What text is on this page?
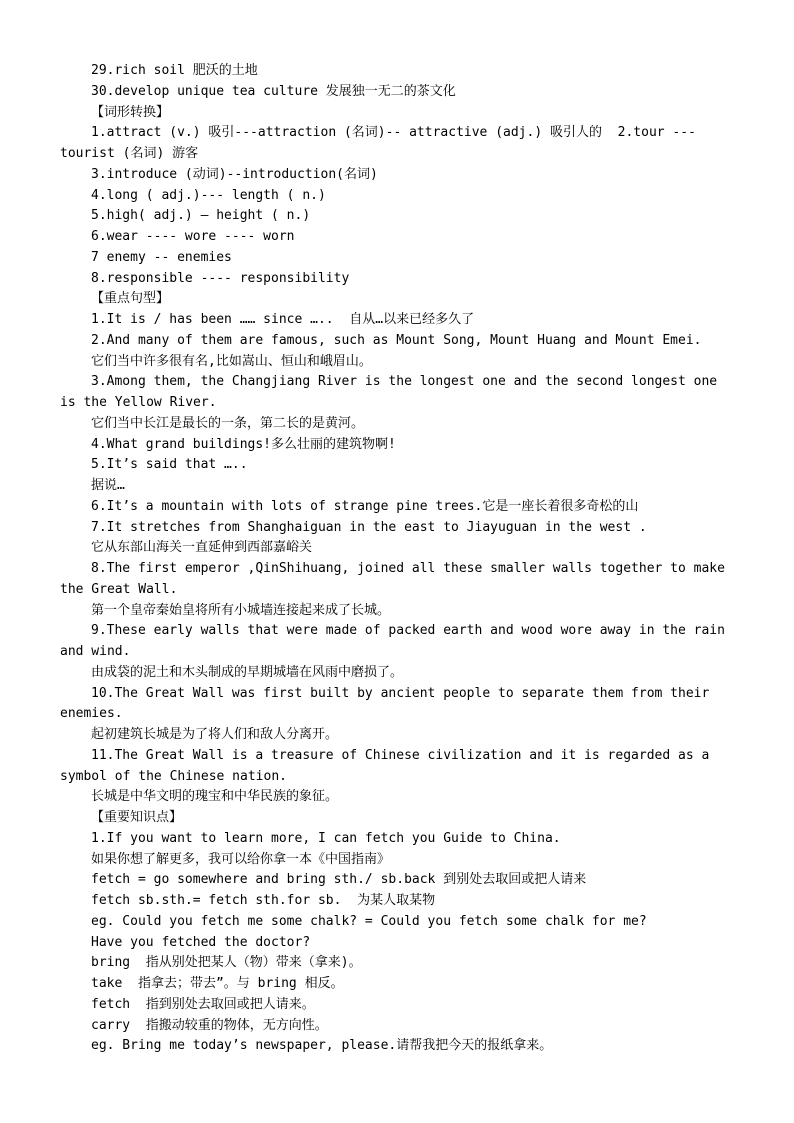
29.rich soil 肥沃的土地

30.develop unique tea culture 发展独一无二的茶文化

【词形转换】

1.attract (v.) 吸引---attraction (名词)-- attractive (adj.) 吸引人的  2.tour ---tourist (名词) 游客

3.introduce (动词)--introduction(名词)

4.long ( adj.)--- length ( n.)

5.high( adj.) – height ( n.)

6.wear ---- wore ---- worn

7 enemy -- enemies

8.responsible ---- responsibility

【重点句型】

1.It is / has been …… since …..  自从…以来已经多久了

2.And many of them are famous, such as Mount Song, Mount Huang and Mount Emei.

它们当中许多很有名,比如嵩山、恒山和峨眉山。

3.Among them, the Changjiang River is the longest one and the second longest one is the Yellow River.

它们当中长江是最长的一条，第二长的是黄河。

4.What grand buildings!多么壮丽的建筑物啊!

5.It’s said that …..

据说…

6.It’s a mountain with lots of strange pine trees.它是一座长着很多奇松的山

7.It stretches from Shanghaiguan in the east to Jiayuguan in the west .

它从东部山海关一直延伸到西部嘉峪关

8.The first emperor ,QinShihuang, joined all these smaller walls together to make the Great Wall.

第一个皇帝秦始皇将所有小城墙连接起来成了长城。

9.These early walls that were made of packed earth and wood wore away in the rain and wind.

由成袋的泥土和木头制成的早期城墙在风雨中磨损了。

10.The Great Wall was first built by ancient people to separate them from their enemies.

起初建筑长城是为了将人们和敌人分离开。

11.The Great Wall is a treasure of Chinese civilization and it is regarded as a symbol of the Chinese nation.

长城是中华文明的瑰宝和中华民族的象征。

【重要知识点】

1.If you want to learn more, I can fetch you Guide to China.

如果你想了解更多，我可以给你拿一本《中国指南》

fetch = go somewhere and bring sth./ sb.back 到别处去取回或把人请来

fetch sb.sth.= fetch sth.for sb.  为某人取某物

eg. Could you fetch me some chalk? = Could you fetch some chalk for me?

Have you fetched the doctor?

bring  指从别处把某人（物）带来（拿来)。

take  指拿去；带去”。与 bring 相反。

fetch  指到别处去取回或把人请来。

carry  指搬动较重的物体，无方向性。

eg. Bring me today’s newspaper, please.请帮我把今天的报纸拿来。
